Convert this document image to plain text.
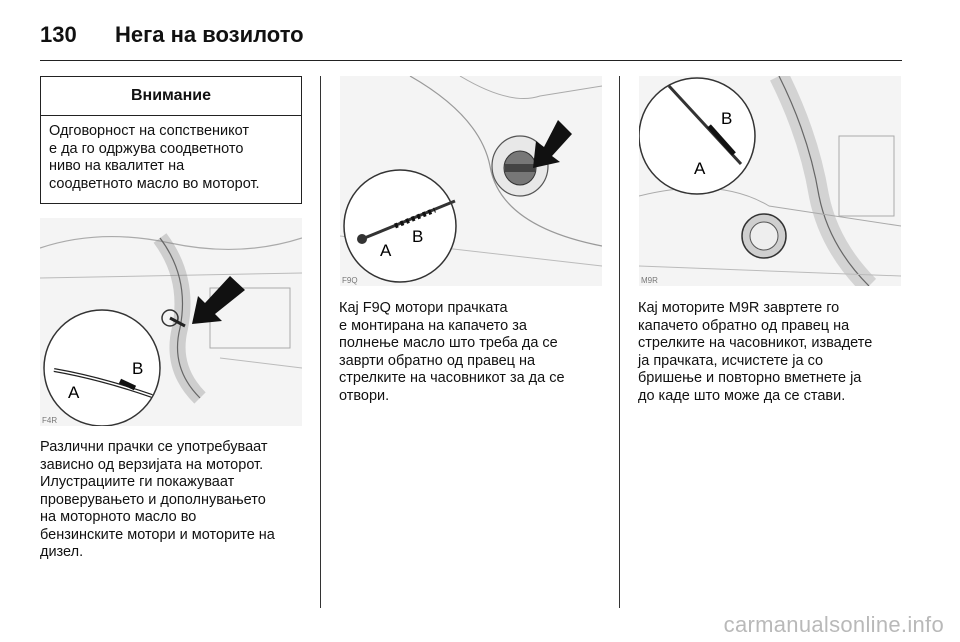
130 Нега на возилото
Внимание
Одговорност на сопственикот
е да го одржува соодветното
ниво на квалитет на
соодветното масло во моторот.
A
B
F4R
A
B
F9Q
B
A
M9R
Различни прачки се употребуваат
зависно од верзијата на моторот.
Илустрациите ги покажуваат
проверувањето и дополнувањето
на моторното масло во
бензинските мотори и моторите на
дизел.
Кај F9Q мотори прачката
е монтирана на капачето за
полнење масло што треба да се
заврти обратно од правец на
стрелките на часовникот за да се
отвори.
Кај моторите M9R завртете го
капачето обратно од правец на
стрелките на часовникот, извадете
ја прачката, исчистете ја со
бришење и повторно вметнете ја
до каде што може да се стави.
carmanualsonline.info
